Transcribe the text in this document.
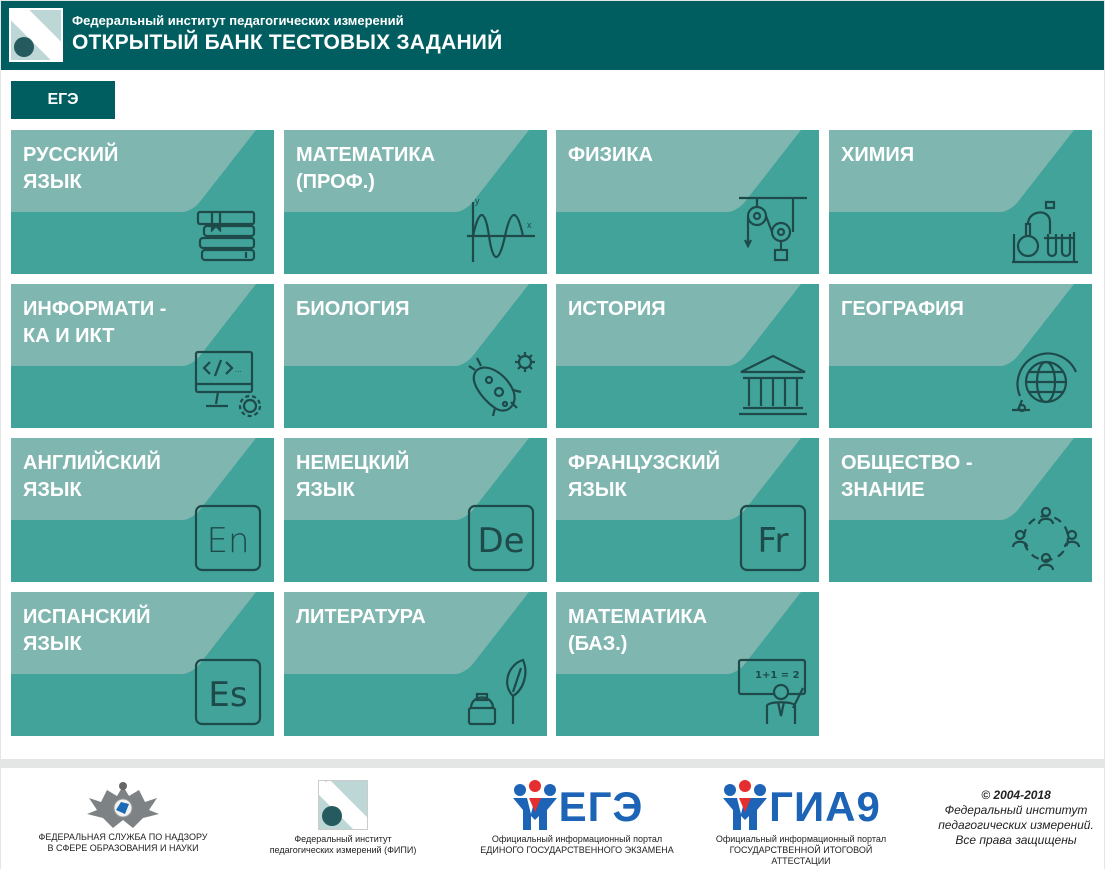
Федеральный институт педагогических измерений
ОТКРЫТЫЙ БАНК ТЕСТОВЫХ ЗАДАНИЙ
ЕГЭ
РУССКИЙ
ЯЗЫК
МАТЕМАТИКА
(ПРОФ.)
y
x
ФИЗИКА	ХИМИЯ
ИНФОРМАТИ -
КА И ИКТ
...
БИОЛОГИЯ	ИСТОРИЯ	ГЕОГРАФИЯ
АНГЛИЙСКИЙ
ЯЗЫК
En
НЕМЕЦКИЙ
ЯЗЫК
De
ФРАНЦУЗСКИЙ
ЯЗЫК
Fr
ОБЩЕСТВО -
ЗНАНИЕ
ИСПАНСКИЙ
ЯЗЫК
Es
ЛИТЕРАТУРА	МАТЕМАТИКА
(БАЗ.)
1+1 = 2
ФЕДЕРАЛЬНАЯ СЛУЖБА ПО НАДЗОРУ
В СФЕРЕ ОБРАЗОВАНИЯ И НАУКИ
Федеральный институт
педагогических измерений (ФИПИ)
ЕГЭ
Официальный информационный портал
ЕДИНОГО ГОСУДАРСТВЕННОГО ЭКЗАМЕНА
ГИА9
Официальный информационный портал
ГОСУДАРСТВЕННОЙ ИТОГОВОЙ АТТЕСТАЦИИ
© 2004-2018
Федеральный институт
педагогических измерений.
Все права защищены
